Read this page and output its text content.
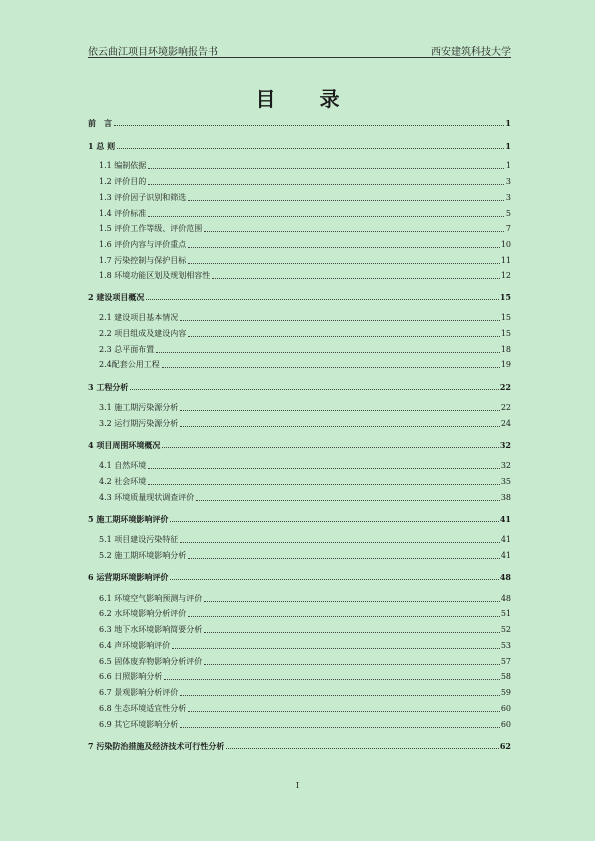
依云曲江项目环境影响报告书	西安建筑科技大学
目录
前　言	1
1 总 则	1
1.1 编制依据	1
1.2 评价目的	3
1.3 评价因子识别和筛选	3
1.4 评价标准	5
1.5 评价工作等级、评价范围	7
1.6 评价内容与评价重点	10
1.7 污染控制与保护目标	11
1.8 环境功能区划及规划相容性	12
2 建设项目概况	15
2.1 建设项目基本情况	15
2.2 项目组成及建设内容	15
2.3 总平面布置	18
2.4配套公用工程	19
3 工程分析	22
3.1 施工期污染源分析	22
3.2 运行期污染源分析	24
4 项目周围环境概况	32
4.1 自然环境	32
4.2 社会环境	35
4.3 环境质量现状调查评价	38
5 施工期环境影响评价	41
5.1 项目建设污染特征	41
5.2 施工期环境影响分析	41
6 运营期环境影响评价	48
6.1 环境空气影响预测与评价	48
6.2 水环境影响分析评价	51
6.3 地下水环境影响简要分析	52
6.4 声环境影响评价	53
6.5 固体废弃物影响分析评价	57
6.6 日照影响分析	58
6.7 景观影响分析评价	59
6.8 生态环境适宜性分析	60
6.9 其它环境影响分析	60
7 污染防治措施及经济技术可行性分析	62
I
